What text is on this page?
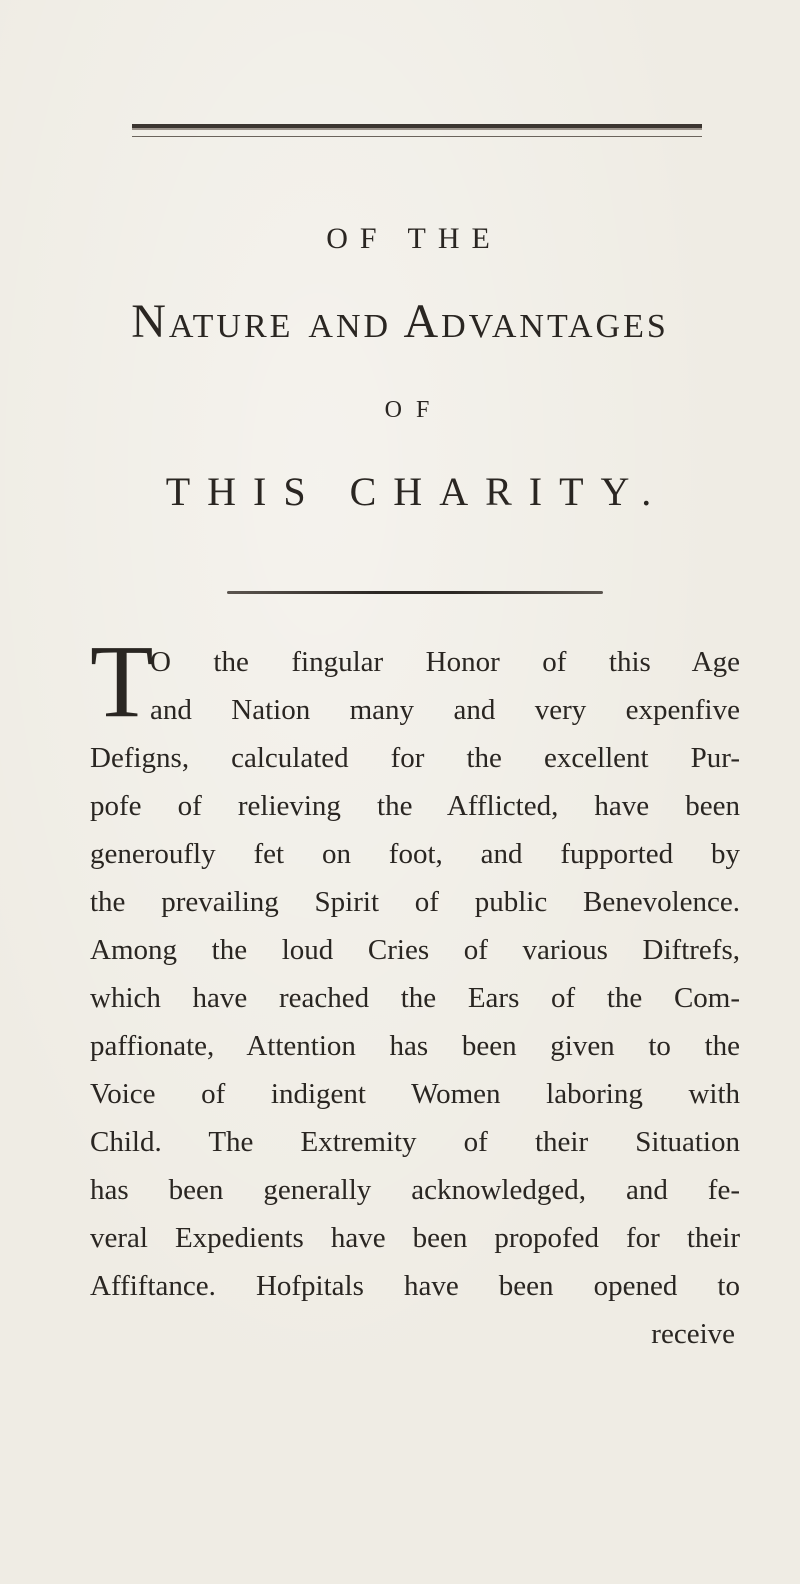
OF THE
Nature and Advantages
OF
THIS CHARITY.
T
O the fingular Honor of this Age
and Nation many and very expenfive
Defigns, calculated for the excellent Pur-
pofe of relieving the Afflicted, have been
generoufly fet on foot, and fupported by
the prevailing Spirit of public Benevolence.
Among the loud Cries of various Diftrefs,
which have reached the Ears of the Com-
paffionate, Attention has been given to the
Voice of indigent Women laboring with
Child. The Extremity of their Situation
has been generally acknowledged, and fe-
veral Expedients have been propofed for their
Affiftance. Hofpitals have been opened to
receive
